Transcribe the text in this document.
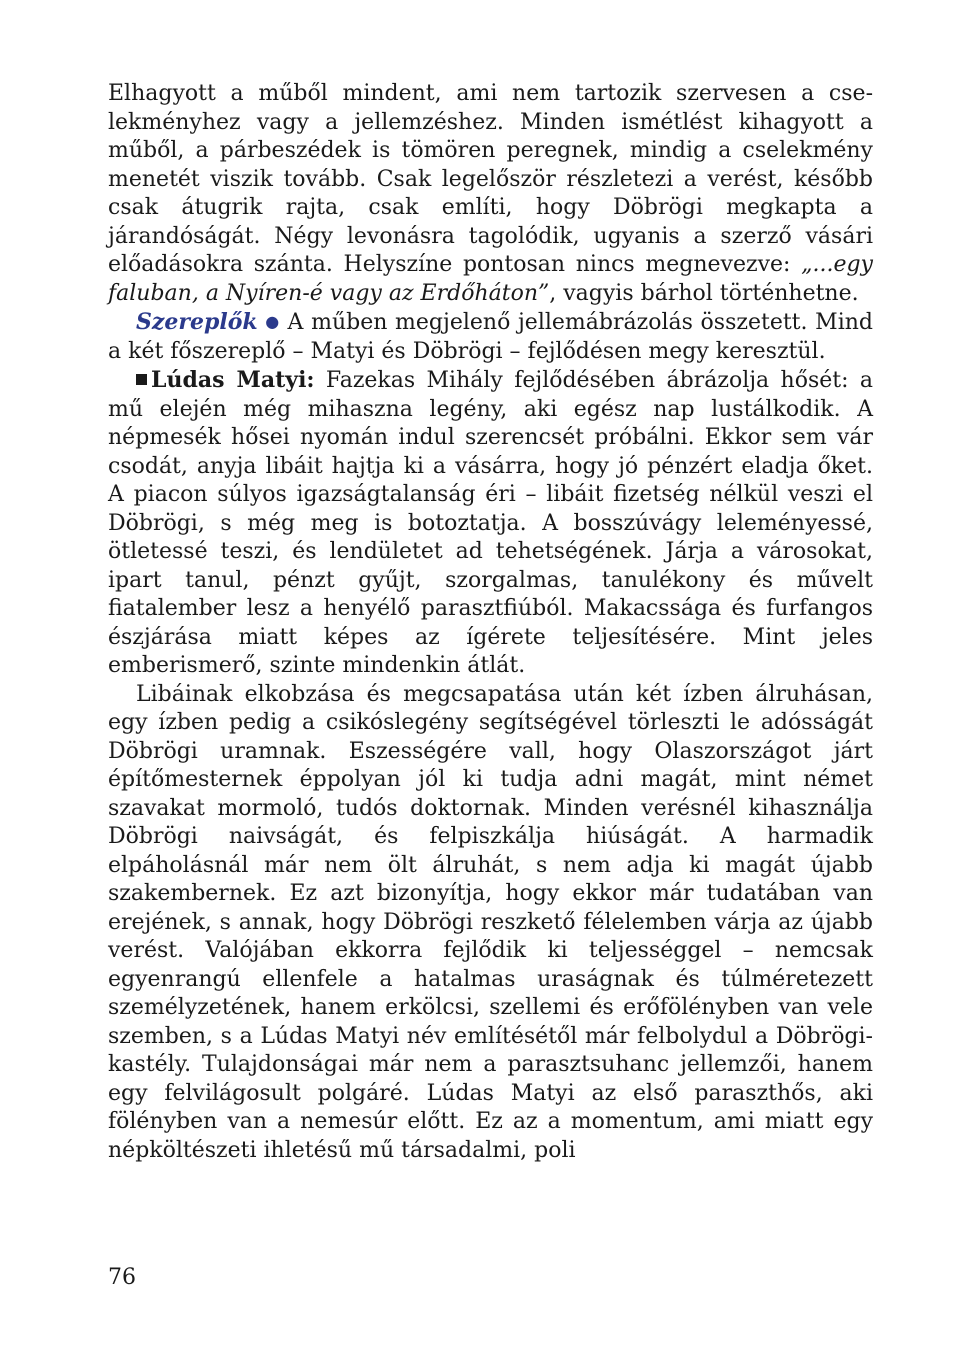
Elhagyott a műből mindent, ami nem tartozik szervesen a cselekményhez vagy a jellemzéshez. Minden ismétlést kihagyott a műből, a párbeszédek is tömören peregnek, mindig a cselekmény menetét viszik tovább. Csak legelőször részletezi a verést, később csak átugrik rajta, csak említi, hogy Döbrögi megkapta a járandóságát. Négy levonásra tagolódik, ugyanis a szerző vásári előadásokra szánta. Helyszíne pontosan nincs megnevezve: „...egy faluban, a Nyíren-é vagy az Erdőháton”, vagyis bárhol történhetne.

Szereplők ● A műben megjelenő jellemábrázolás összetett. Mind a két főszereplő – Matyi és Döbrögi – fejlődésen megy keresztül.

Lúdas Matyi: Fazekas Mihály fejlődésében ábrázolja hősét: a mű elején még mihaszna legény, aki egész nap lustálkodik. A népmesék hősei nyomán indul szerencsét próbálni. Ekkor sem vár csodát, anyja libáit hajtja ki a vásárra, hogy jó pénzért eladja őket. A piacon súlyos igazságtalanság éri – libáit fizetség nélkül veszi el Döbrögi, s még meg is botoztatja. A bosszúvágy leleményessé, ötletessé teszi, és lendületet ad tehetségének. Járja a városokat, ipart tanul, pénzt gyűjt, szorgalmas, tanulékony és művelt fiatalember lesz a henyélő parasztfiúból. Makacssága és furfangos észjárása miatt képes az ígérete teljesítésére. Mint jeles emberismerő, szinte mindenkin átlát.

Libáinak elkobzása és megcsapatása után két ízben álruhásan, egy ízben pedig a csikóslegény segítségével törleszti le adósságát Döbrögi uramnak. Eszességére vall, hogy Olaszországot járt építőmesternek éppolyan jól ki tudja adni magát, mint német szavakat mormoló, tudós doktornak. Minden verésnél kihasználja Döbrögi naivságát, és felpiszkálja hiúságát. A harmadik elpáholásnál már nem ölt álruhát, s nem adja ki magát újabb szakembernek. Ez azt bizonyítja, hogy ekkor már tudatában van erejének, s annak, hogy Döbrögi reszkető félelemben várja az újabb verést. Valójában ekkorra fejlődik ki teljességgel – nemcsak egyenrangú ellenfele a hatalmas uraságnak és túlméretezett személyzetének, hanem erkölcsi, szellemi és erőfölényben van vele szemben, s a Lúdas Matyi név említésétől már felbolydul a Döbrögi-kastély. Tulajdonságai már nem a parasztsuhanc jellemzői, hanem egy felvilágosult polgáré. Lúdas Matyi az első paraszthős, aki fölényben van a nemesúr előtt. Ez az a momentum, ami miatt egy népköltészeti ihletésű mű társadalmi, poli

76
